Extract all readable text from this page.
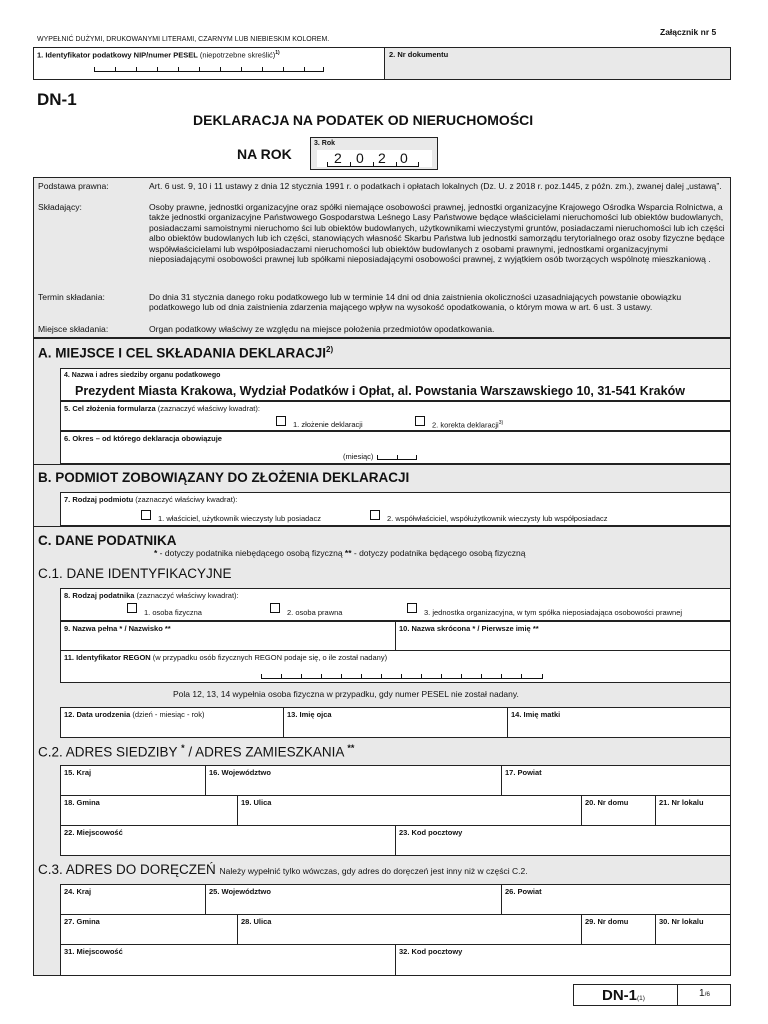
WYPEŁNIĆ DUŻYMI, DRUKOWANYMI LITERAMI, CZARNYM LUB NIEBIESKIM KOLOREM.
Załącznik nr 5
1. Identyfikator podatkowy NIP/numer PESEL (niepotrzebne skreślić)$^{1)}$	2. Nr dokumentu
DN-1
DEKLARACJA NA PODATEK OD NIERUCHOMOŚCI
NA ROK
3. Rok
2 0 2 0
Podstawa prawna:	Art. 6 ust. 9, 10 i 11 ustawy z dnia 12 stycznia 1991 r. o podatkach i opłatach lokalnych (Dz. U. z 2018 r. poz.1445, z późn. zm.), zwanej dalej „ustawą”.
Składający:	Osoby prawne, jednostki organizacyjne oraz spółki niemające osobowości prawnej, jednostki organizacyjne Krajowego Ośrodka Wsparcia Rolnictwa, a także jednostki organizacyjne Państwowego Gospodarstwa Leśnego Lasy Państwowe będące właścicielami nieruchomości lub obiektów budowlanych, posiadaczami samoistnymi nieruchomo ści lub obiektów budowlanych, użytkownikami wieczystymi gruntów, posiadaczami nieruchomości lub ich części albo obiektów budowlanych lub ich części, stanowiących własność Skarbu Państwa lub jednostki samorządu terytorialnego oraz osoby fizyczne będące współwłaścicielami lub współposiadaczami nieruchomości lub obiektów budowlanych z osobami prawnymi, jednostkami organizacyjnymi nieposiadającymi osobowości prawnej lub spółkami nieposiadającymi osobowości prawnej, z wyjątkiem osób tworzących wspólnotę mieszkaniową .
Termin składania:	Do dnia 31 stycznia danego roku podatkowego lub w terminie 14 dni od dnia zaistnienia okoliczności uzasadniających powstanie obowiązku podatkowego lub od dnia zaistnienia zdarzenia mającego wpływ na wysokość opodatkowania, o którym mowa w art. 6 ust. 3 ustawy.
Miejsce składania:	Organ podatkowy właściwy ze względu na miejsce położenia przedmiotów opodatkowania.
A. MIEJSCE I CEL SKŁADANIA DEKLARACJI$^{2)}$
4. Nazwa i adres siedziby organu podatkowego
Prezydent Miasta Krakowa, Wydział Podatków i Opłat, al. Powstania Warszawskiego 10, 31-541 Kraków
5. Cel złożenia formularza (zaznaczyć właściwy kwadrat):
1. złożenie deklaracji	2. korekta deklaracji$^{3)}$
6. Okres – od którego deklaracja obowiązuje
(miesiąc)
B. PODMIOT ZOBOWIĄZANY DO ZŁOŻENIA DEKLARACJI
7. Rodzaj podmiotu (zaznaczyć właściwy kwadrat):
1. właściciel, użytkownik wieczysty lub posiadacz	2. współwłaściciel, współużytkownik wieczysty lub współposiadacz
C. DANE PODATNIKA
* - dotyczy podatnika niebędącego osobą fizyczną ** - dotyczy podatnika będącego osobą fizyczną
C.1. DANE IDENTYFIKACYJNE
8. Rodzaj podatnika (zaznaczyć właściwy kwadrat):
1. osoba fizyczna	2. osoba prawna	3. jednostka organizacyjna, w tym spółka nieposiadająca osobowości prawnej
9. Nazwa pełna * / Nazwisko **	10. Nazwa skrócona * / Pierwsze imię **
11. Identyfikator REGON (w przypadku osób fizycznych REGON podaje się, o ile został nadany)
Pola 12, 13, 14 wypełnia osoba fizyczna w przypadku, gdy numer PESEL nie został nadany.
12. Data urodzenia (dzień - miesiąc - rok)	13. Imię ojca	14. Imię matki
C.2. ADRES SIEDZIBY * / ADRES ZAMIESZKANIA **
15. Kraj	16. Województwo	17. Powiat
18. Gmina	19. Ulica	20. Nr domu	21. Nr lokalu
22. Miejscowość	23. Kod pocztowy
C.3. ADRES DO DORĘCZEŃ Należy wypełnić tylko wówczas, gdy adres do doręczeń jest inny niż w części C.2.
24. Kraj	25. Województwo	26. Powiat
27. Gmina	28. Ulica	29. Nr domu	30. Nr lokalu
31. Miejscowość	32. Kod pocztowy
DN-1(1)	1/6
